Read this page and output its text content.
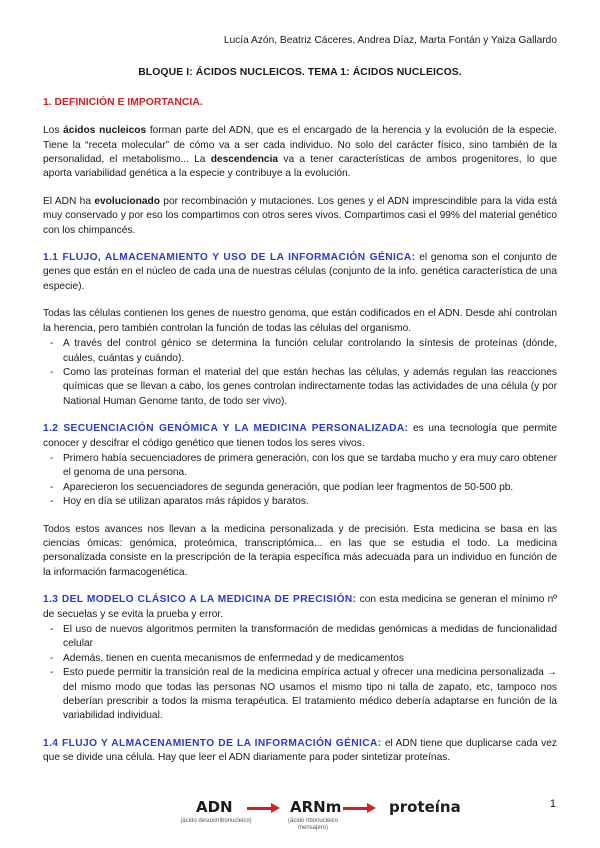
Lucía Azón, Beatriz Cáceres, Andrea Díaz, Marta Fontán y Yaiza Gallardo
BLOQUE I: ÁCIDOS NUCLEICOS. TEMA 1: ÁCIDOS NUCLEICOS.
1. DEFINICIÓN E IMPORTANCIA.

Los ácidos nucleicos forman parte del ADN, que es el encargado de la herencia y la evolución de la especie. Tiene la “receta molecular” de cómo va a ser cada individuo. No solo del carácter físico, sino también de la personalidad, el metabolismo... La descendencia va a tener características de ambos progenitores, lo que aporta variabilidad genética a la especie y contribuye a la evolución.

El ADN ha evolucionado por recombinación y mutaciones. Los genes y el ADN imprescindible para la vida está muy conservado y por eso los compartimos con otros seres vivos. Compartimos casi el 99% del material genético con los chimpancés.

1.1 FLUJO, ALMACENAMIENTO Y USO DE LA INFORMACIÓN GÉNICA: el genoma son el conjunto de genes que están en el núcleo de cada una de nuestras células (conjunto de la info. genética característica de una especie).

Todas las células contienen los genes de nuestro genoma, que están codificados en el ADN. Desde ahí controlan la herencia, pero también controlan la función de todas las células del organismo.

- A través del control génico se determina la función celular controlando la síntesis de proteínas (dónde, cuáles, cuántas y cuándo).
- Como las proteínas forman el material del que están hechas las células, y además regulan las reacciones químicas que se llevan a cabo, los genes controlan indirectamente todas las actividades de una célula (y por National Human Genome tanto, de todo ser vivo).

1.2 SECUENCIACIÓN GENÓMICA Y LA MEDICINA PERSONALIZADA: es una tecnología que permite conocer y descifrar el código genético que tienen todos los seres vivos.

- Primero había secuenciadores de primera generación, con los que se tardaba mucho y era muy caro obtener el genoma de una persona.
- Aparecieron los secuenciadores de segunda generación, que podían leer fragmentos de 50-500 pb.
- Hoy en día se utilizan aparatos más rápidos y baratos.

Todos estos avances nos llevan a la medicina personalizada y de precisión. Esta medicina se basa en las ciencias ómicas: genómica, proteómica, transcriptómica... en las que se estudia el todo. La medicina personalizada consiste en la prescripción de la terapia específica más adecuada para un individuo en función de la información farmacogenética.

1.3 DEL MODELO CLÁSICO A LA MEDICINA DE PRECISIÓN: con esta medicina se generan el mínimo nº de secuelas y se evita la prueba y error.

- El uso de nuevos algoritmos permiten la transformación de medidas genómicas a medidas de funcionalidad celular
- Además, tienen en cuenta mecanismos de enfermedad y de medicamentos
- Esto puede permitir la transición real de la medicina empírica actual y ofrecer una medicina personalizada → del mismo modo que todas las personas NO usamos el mismo tipo ni talla de zapato, etc, tampoco nos deberían prescribir a todos la misma terapéutica. El tratamiento médico debería adaptarse en función de la variabilidad individual.

1.4 FLUJO Y ALMACENAMIENTO DE LA INFORMACIÓN GÉNICA: el ADN tiene que duplicarse cada vez que se divide una célula. Hay que leer el ADN diariamente para poder sintetizar proteínas.

ADN
(ácido desoxirribonucleico)
ARNm
(ácido ribonucleico mensajero)
proteína	1
